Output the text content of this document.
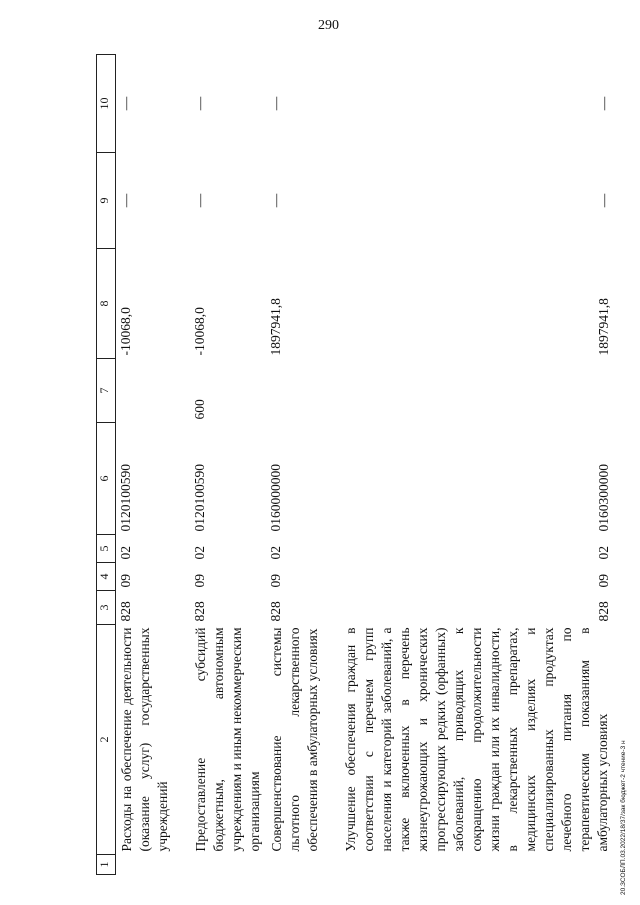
290
20.ЗСОБЛП.03.2022/18/37/зак бюджет-2 чтение-3 н
1	2	3	4	5	6	7	8	9	10
	Расходы на обеспечение деятельности (оказание услуг) государственных учреждений	828	09	02	0120100590		-10068,0	—	—
	Предоставление субсидий бюджетным, автономным учреждениям и иным некоммерческим организациям	828	09	02	0120100590	600	-10068,0	—	—
	Совершенствование системы льготного лекарственного обеспечения в амбулаторных условиях	828	09	02	0160000000		1897941,8	—	—
	Улучшение обеспечения граждан в соответствии с перечнем групп населения и категорий заболеваний, а также включенных в перечень жизнеугрожающих и хронических прогрессирующих редких (орфанных) заболеваний, приводящих к сокращению продолжительности жизни граждан или их инвалидности, в лекарственных препаратах, медицинских изделиях и специализированных продуктах лечебного питания по терапевтическим показаниям в амбулаторных условиях	828	09	02	0160300000		1897941,8	—	—
